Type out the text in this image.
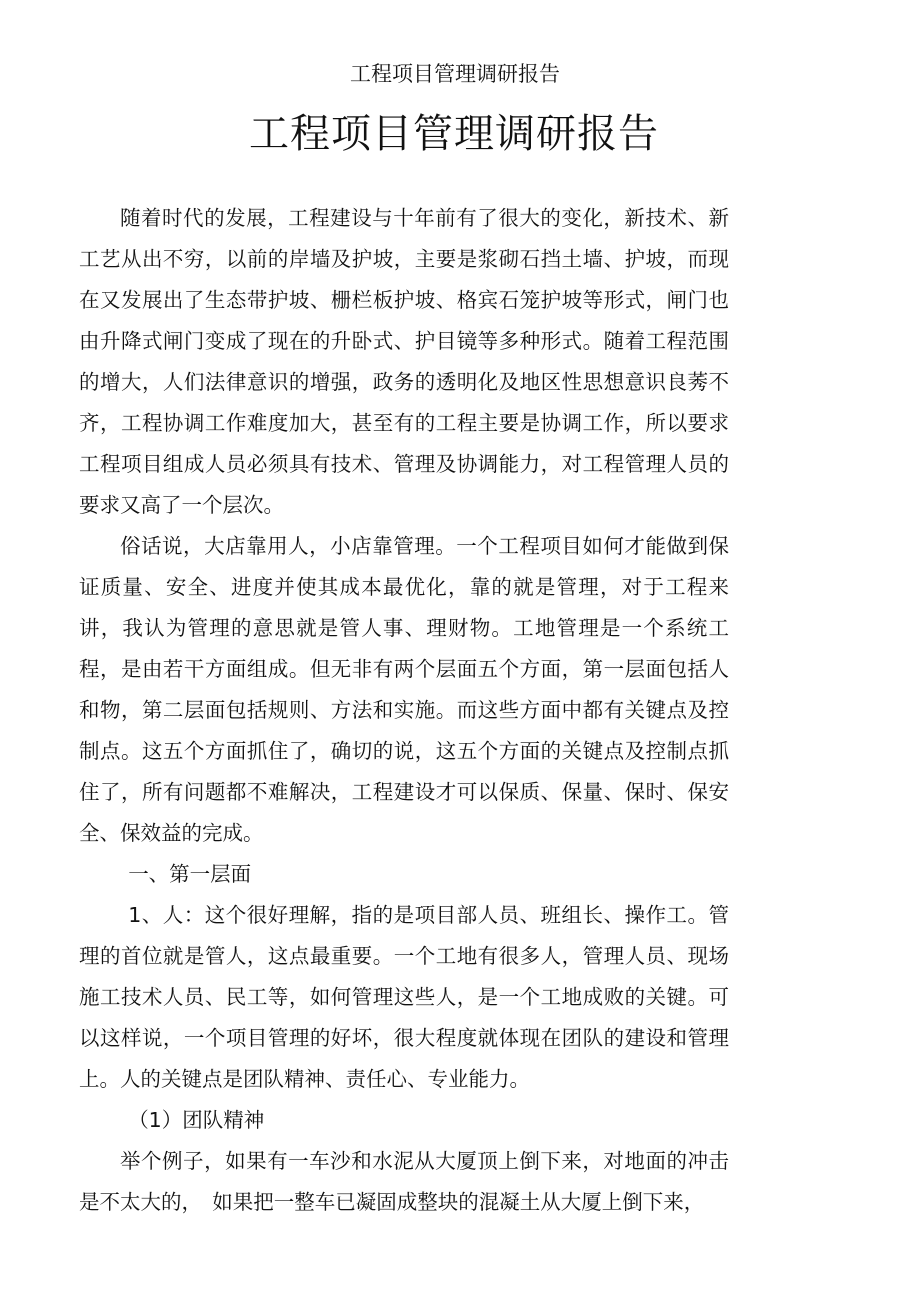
工程项目管理调研报告
工程项目管理调研报告

随着时代的发展，工程建设与十年前有了很大的变化，新技术、新工艺从出不穷，以前的岸墙及护坡，主要是浆砌石挡土墙、护坡，而现在又发展出了生态带护坡、栅栏板护坡、格宾石笼护坡等形式，闸门也由升降式闸门变成了现在的升卧式、护目镜等多种形式。随着工程范围的增大，人们法律意识的增强，政务的透明化及地区性思想意识良莠不齐，工程协调工作难度加大，甚至有的工程主要是协调工作，所以要求工程项目组成人员必须具有技术、管理及协调能力，对工程管理人员的要求又高了一个层次。

俗话说，大店靠用人，小店靠管理。一个工程项目如何才能做到保证质量、安全、进度并使其成本最优化，靠的就是管理，对于工程来讲，我认为管理的意思就是管人事、理财物。工地管理是一个系统工程，是由若干方面组成。但无非有两个层面五个方面，第一层面包括人和物，第二层面包括规则、方法和实施。而这些方面中都有关键点及控制点。这五个方面抓住了，确切的说，这五个方面的关键点及控制点抓住了，所有问题都不难解决，工程建设才可以保质、保量、保时、保安全、保效益的完成。

一、第一层面

1、人：这个很好理解，指的是项目部人员、班组长、操作工。管理的首位就是管人，这点最重要。一个工地有很多人，管理人员、现场施工技术人员、民工等，如何管理这些人，是一个工地成败的关键。可以这样说，一个项目管理的好坏，很大程度就体现在团队的建设和管理上。人的关键点是团队精神、责任心、专业能力。

（1）团队精神

举个例子，如果有一车沙和水泥从大厦顶上倒下来，对地面的冲击是不太大的，　如果把一整车已凝固成整块的混凝土从大厦上倒下来，
